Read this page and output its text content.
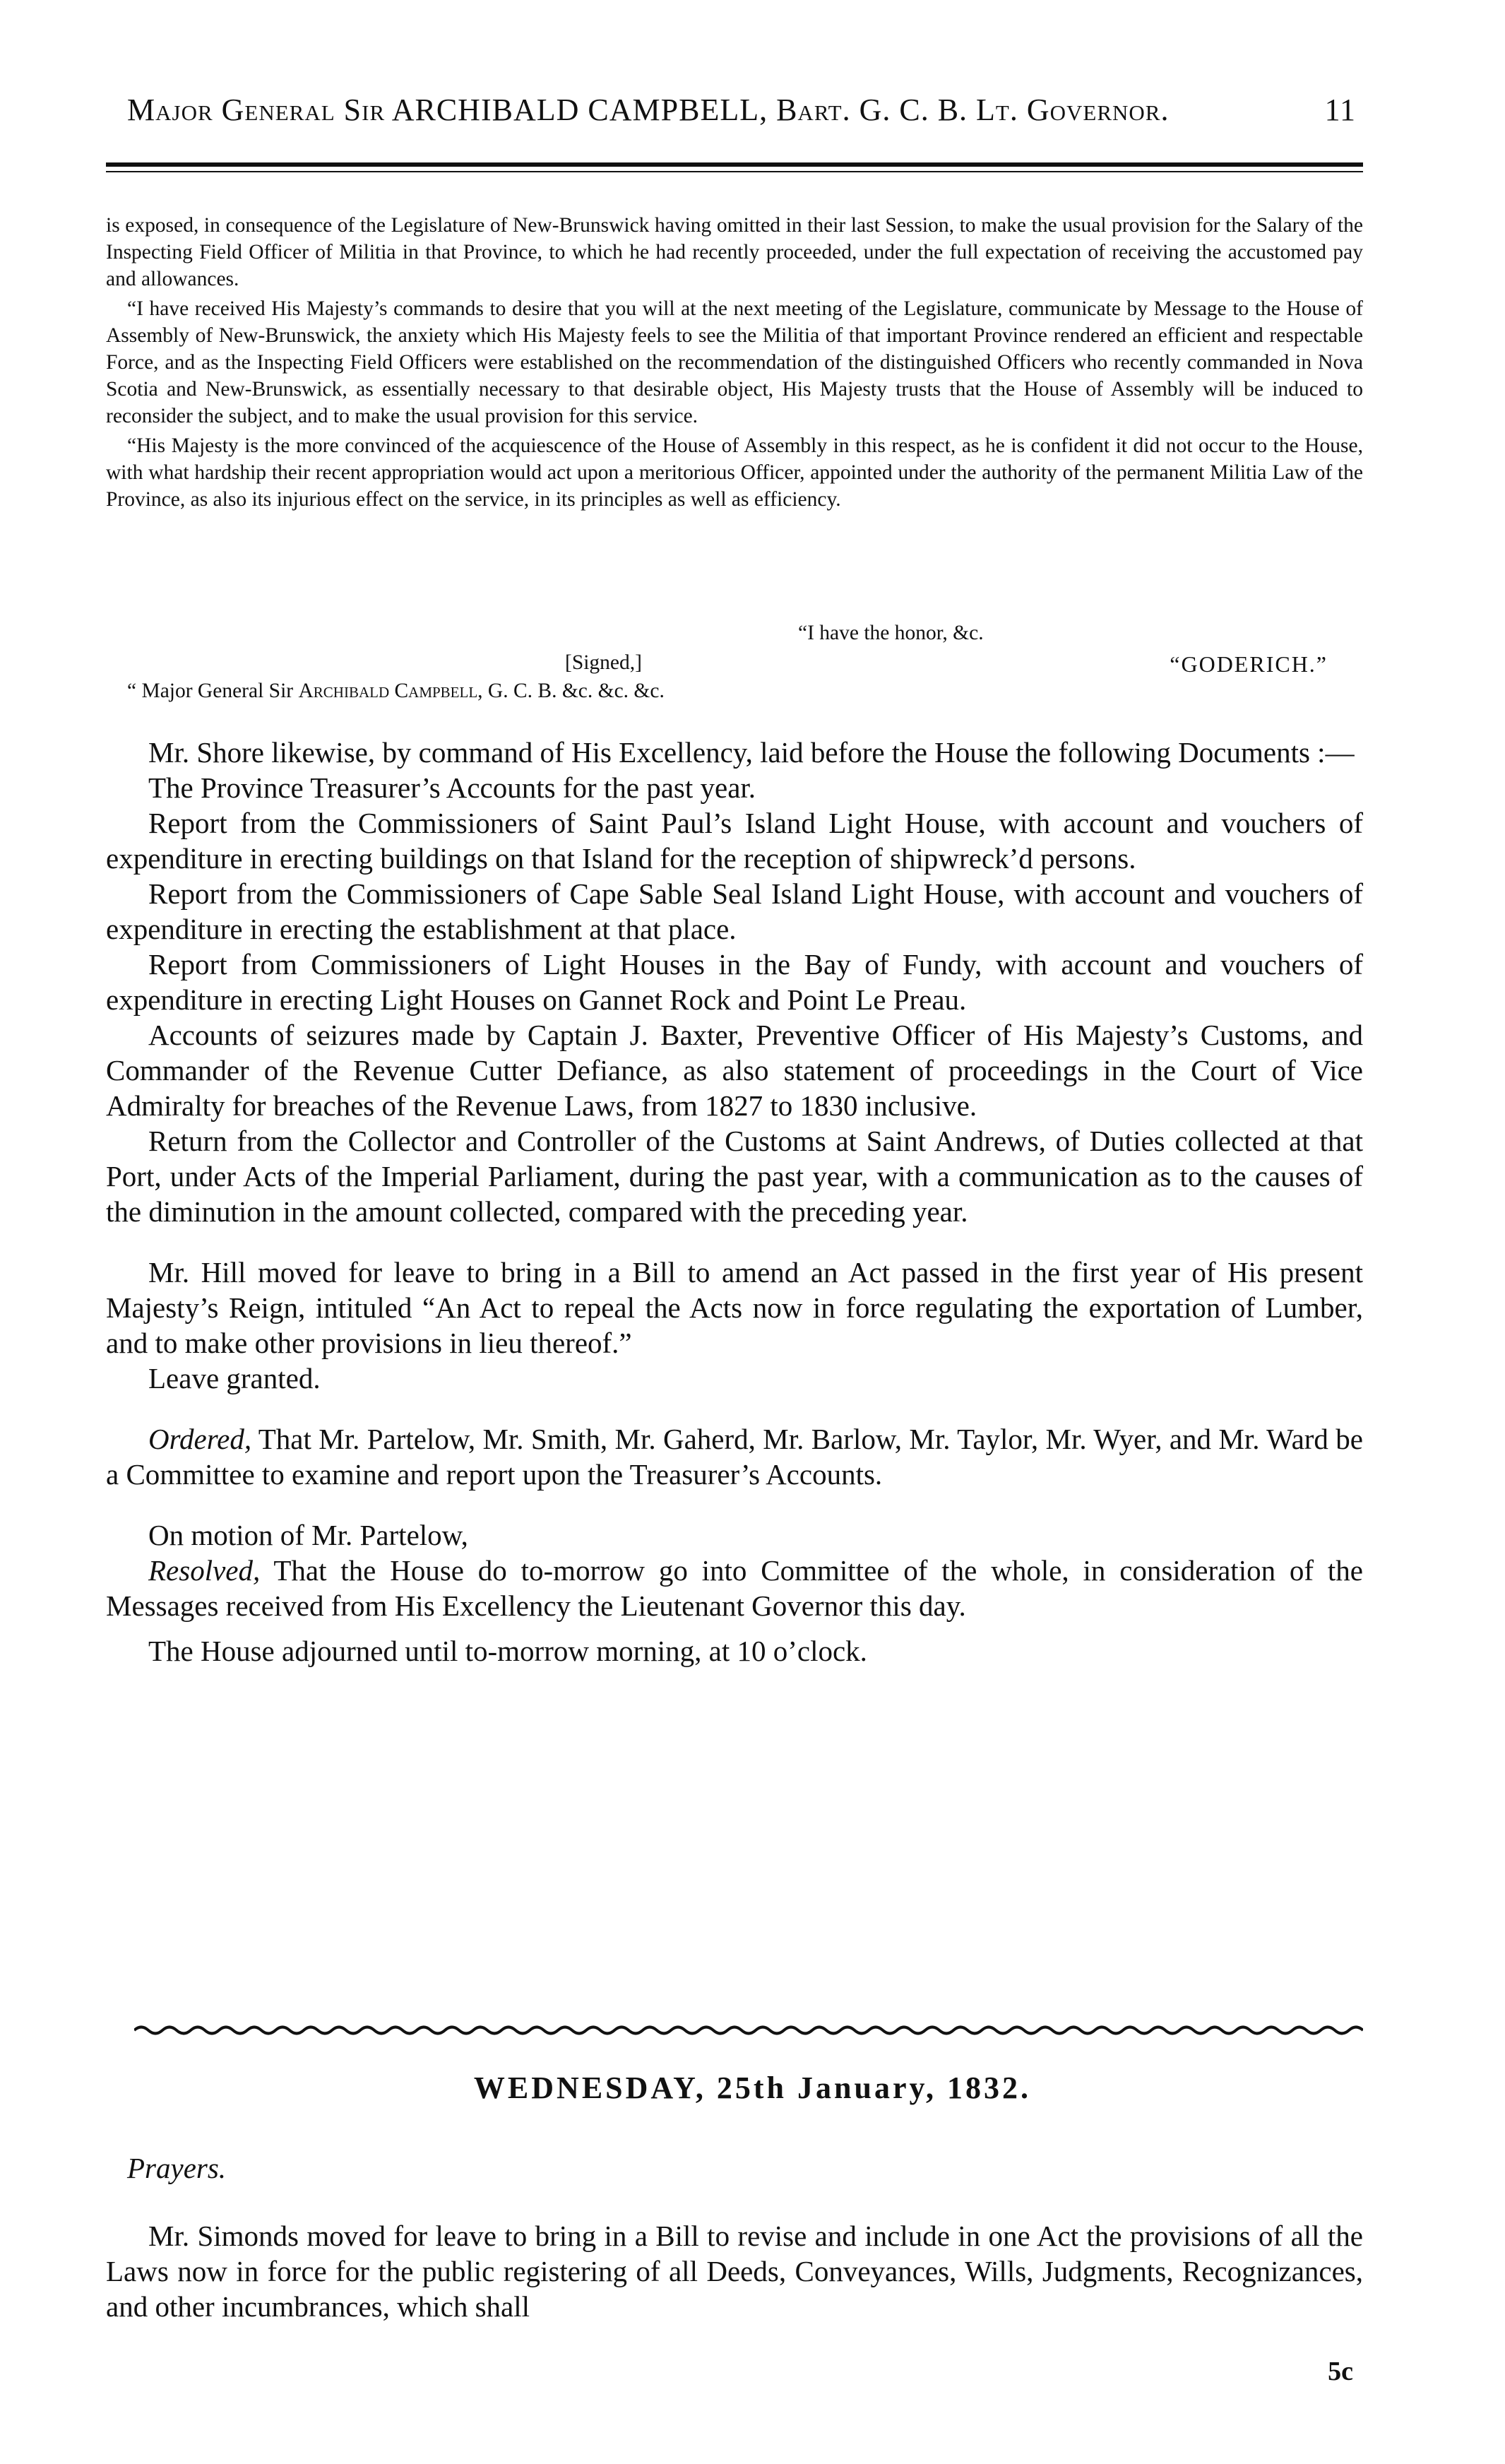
Major General Sir ARCHIBALD CAMPBELL, Bart. G. C. B. Lt. Governor.	11

is exposed, in consequence of the Legislature of New-Brunswick having omitted in their last Session, to make the usual provision for the Salary of the Inspecting Field Officer of Militia in that Province, to which he had recently proceeded, under the full expectation of receiving the accustomed pay and allowances.

“I have received His Majesty’s commands to desire that you will at the next meeting of the Legislature, communicate by Message to the House of Assembly of New-Brunswick, the anxiety which His Majesty feels to see the Militia of that important Province rendered an efficient and respectable Force, and as the Inspecting Field Officers were established on the recommendation of the distinguished Officers who recently commanded in Nova Scotia and New-Brunswick, as essentially necessary to that desirable object, His Majesty trusts that the House of Assembly will be induced to reconsider the subject, and to make the usual provision for this service.

“His Majesty is the more convinced of the acquiescence of the House of Assembly in this respect, as he is confident it did not occur to the House, with what hardship their recent appropriation would act upon a meritorious Officer, appointed under the authority of the permanent Militia Law of the Province, as also its injurious effect on the service, in its principles as well as efficiency.

“I have the honor, &c.
[Signed,]	“GODERICH.”
“ Major General Sir Archibald Campbell, G. C. B. &c. &c. &c.

Mr. Shore likewise, by command of His Excellency, laid before the House the following Documents :—

The Province Treasurer’s Accounts for the past year.

Report from the Commissioners of Saint Paul’s Island Light House, with account and vouchers of expenditure in erecting buildings on that Island for the reception of shipwreck’d persons.

Report from the Commissioners of Cape Sable Seal Island Light House, with account and vouchers of expenditure in erecting the establishment at that place.

Report from Commissioners of Light Houses in the Bay of Fundy, with account and vouchers of expenditure in erecting Light Houses on Gannet Rock and Point Le Preau.

Accounts of seizures made by Captain J. Baxter, Preventive Officer of His Majesty’s Customs, and Commander of the Revenue Cutter Defiance, as also statement of proceedings in the Court of Vice Admiralty for breaches of the Revenue Laws, from 1827 to 1830 inclusive.

Return from the Collector and Controller of the Customs at Saint Andrews, of Duties collected at that Port, under Acts of the Imperial Parliament, during the past year, with a communication as to the causes of the diminution in the amount collected, compared with the preceding year.

Mr. Hill moved for leave to bring in a Bill to amend an Act passed in the first year of His present Majesty’s Reign, intituled “An Act to repeal the Acts now in force regulating the exportation of Lumber, and to make other provisions in lieu thereof.”

Leave granted.

Ordered, That Mr. Partelow, Mr. Smith, Mr. Gaherd, Mr. Barlow, Mr. Taylor, Mr. Wyer, and Mr. Ward be a Committee to examine and report upon the Treasurer’s Accounts.

On motion of Mr. Partelow,

Resolved, That the House do to-morrow go into Committee of the whole, in consideration of the Messages received from His Excellency the Lieutenant Governor this day.

The House adjourned until to-morrow morning, at 10 o’clock.

WEDNESDAY, 25th January, 1832.
Prayers.

Mr. Simonds moved for leave to bring in a Bill to revise and include in one Act the provisions of all the Laws now in force for the public registering of all Deeds, Conveyances, Wills, Judgments, Recognizances, and other incumbrances, which shall

5c
